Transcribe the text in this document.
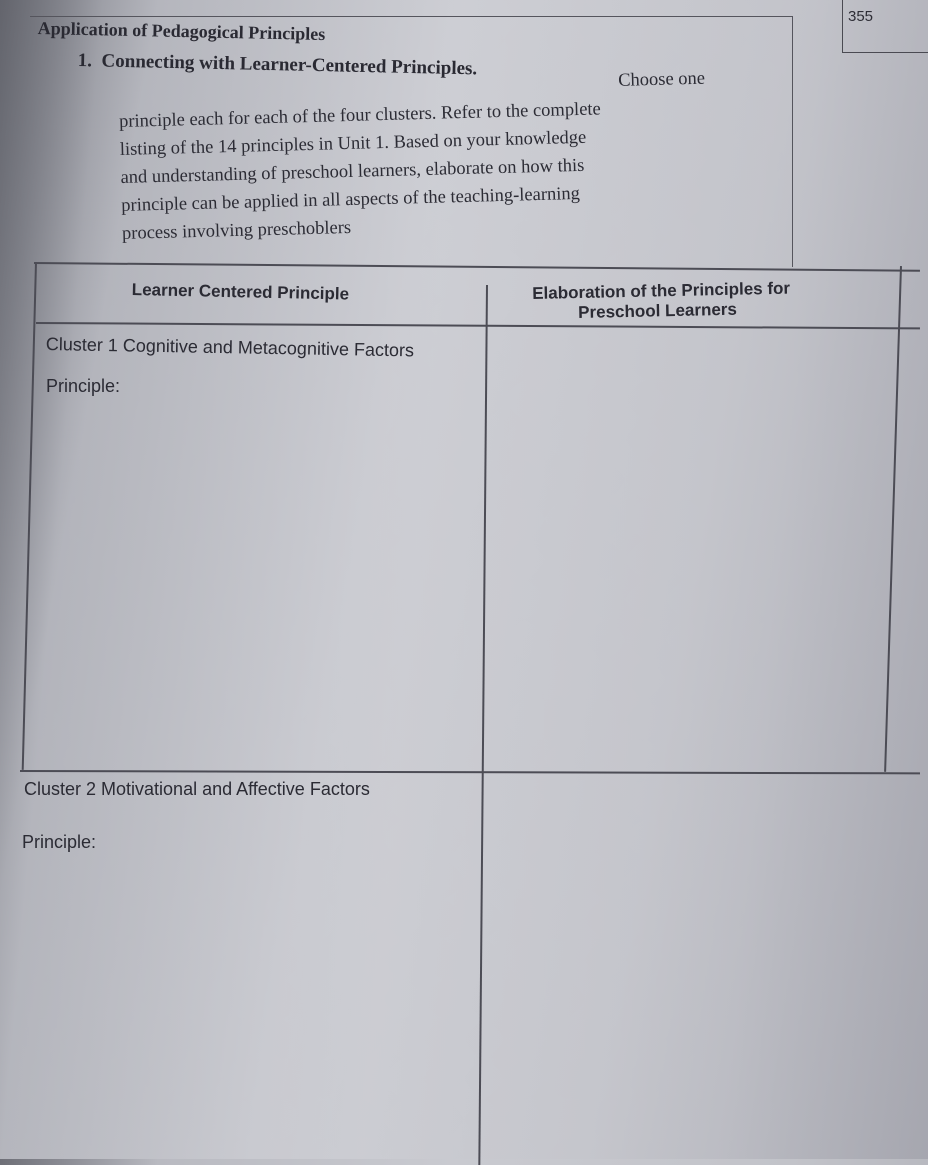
355
Application of Pedagogical Principles
1. Connecting with Learner-Centered Principles.
Choose one
principle each for each of the four clusters. Refer to the complete
listing of the 14 principles in Unit 1. Based on your knowledge
and understanding of preschool learners, elaborate on how this
principle can be applied in all aspects of the teaching-learning
process involving preschoblers
Learner Centered Principle	Elaboration of the Principles for
Preschool Learners
Cluster 1 Cognitive and Metacognitive Factors
Principle:
Cluster 2 Motivational and Affective Factors
Principle:
